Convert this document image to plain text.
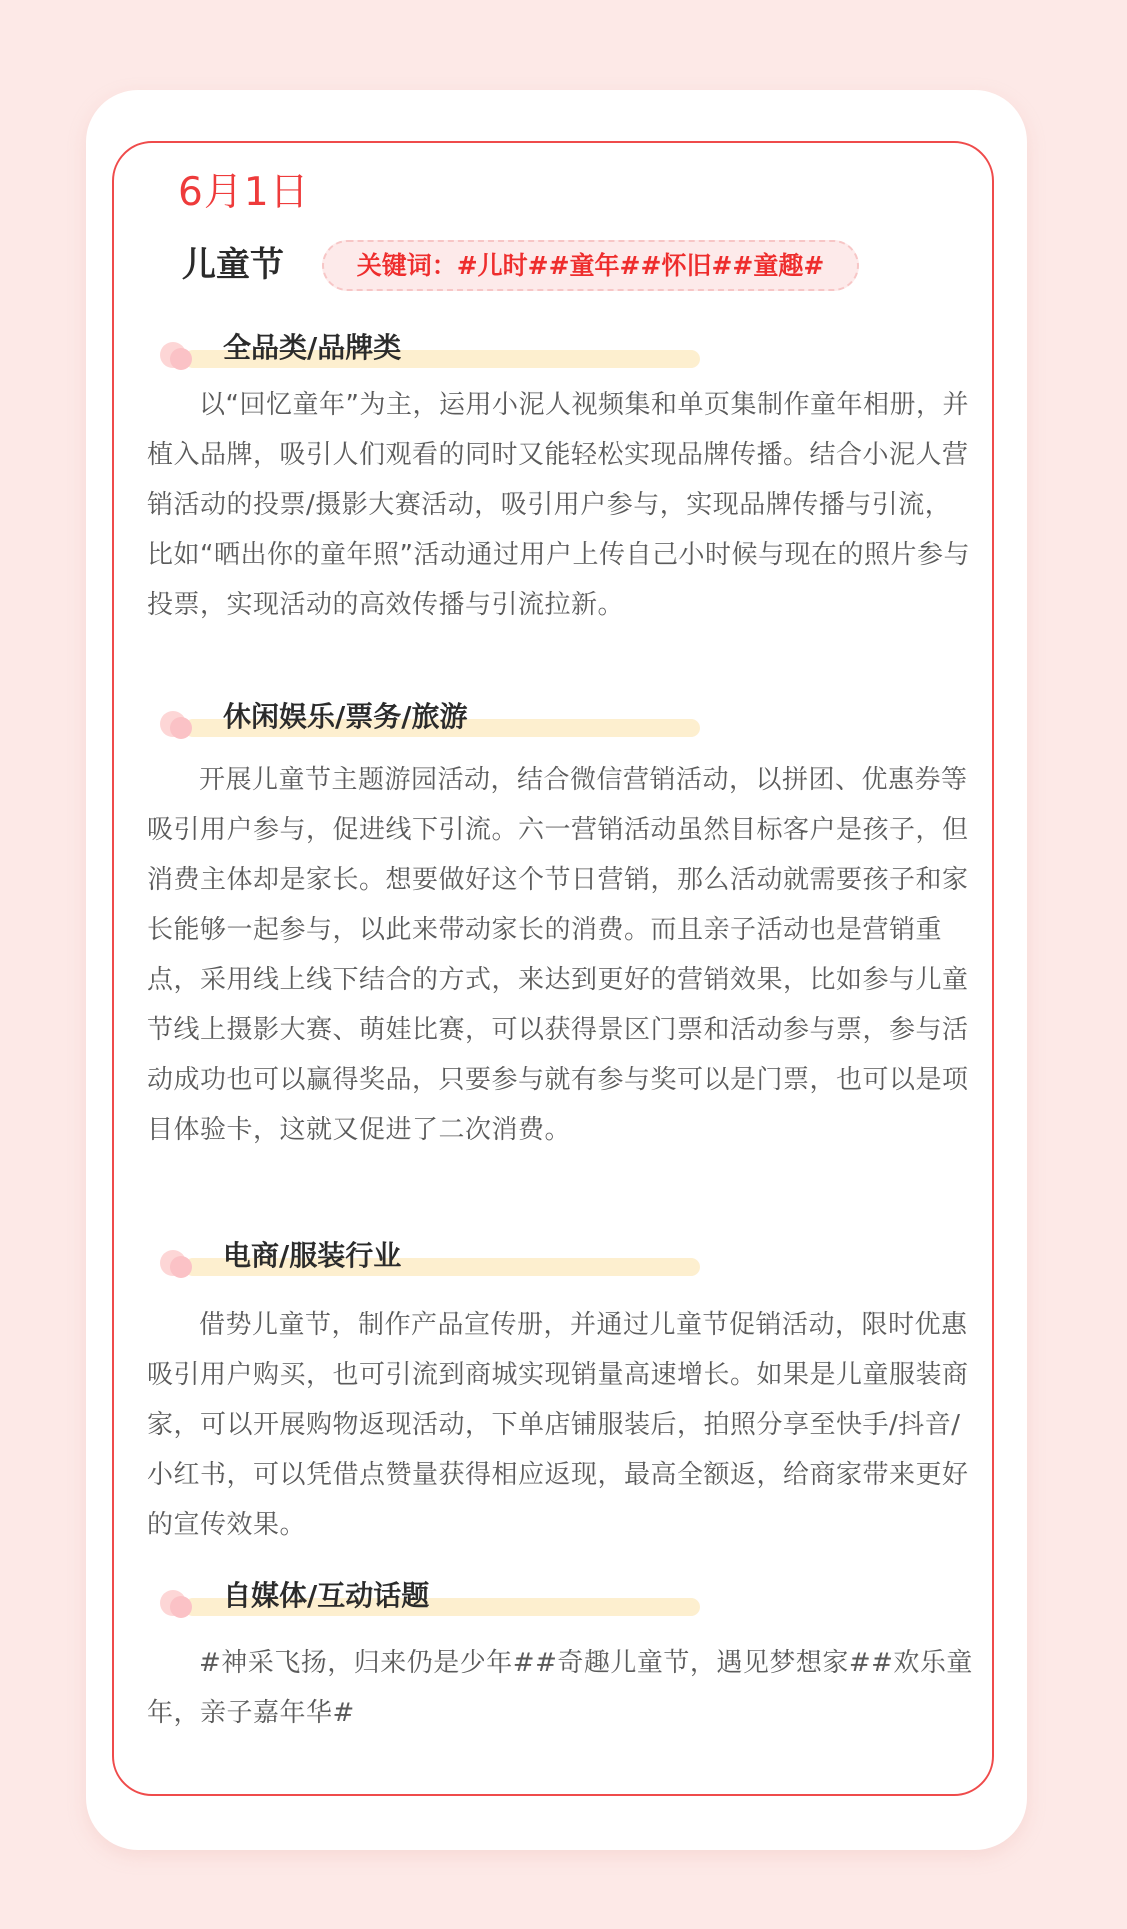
6月1日
儿童节	关键词：#儿时##童年##怀旧##童趣#
全品类/品牌类

以“回忆童年”为主，运用小泥人视频集和单页集制作童年相册，并植入品牌，吸引人们观看的同时又能轻松实现品牌传播。结合小泥人营销活动的投票/摄影大赛活动，吸引用户参与，实现品牌传播与引流，比如“晒出你的童年照”活动通过用户上传自己小时候与现在的照片参与投票，实现活动的高效传播与引流拉新。

休闲娱乐/票务/旅游

开展儿童节主题游园活动，结合微信营销活动，以拼团、优惠券等吸引用户参与，促进线下引流。六一营销活动虽然目标客户是孩子，但消费主体却是家长。想要做好这个节日营销，那么活动就需要孩子和家长能够一起参与，以此来带动家长的消费。而且亲子活动也是营销重点，采用线上线下结合的方式，来达到更好的营销效果，比如参与儿童节线上摄影大赛、萌娃比赛，可以获得景区门票和活动参与票，参与活动成功也可以赢得奖品，只要参与就有参与奖可以是门票，也可以是项目体验卡，这就又促进了二次消费。

电商/服装行业

借势儿童节，制作产品宣传册，并通过儿童节促销活动，限时优惠吸引用户购买，也可引流到商城实现销量高速增长。如果是儿童服装商家，可以开展购物返现活动，下单店铺服装后，拍照分享至快手/抖音/小红书，可以凭借点赞量获得相应返现，最高全额返，给商家带来更好的宣传效果。

自媒体/互动话题

#神采飞扬，归来仍是少年##奇趣儿童节，遇见梦想家##欢乐童年，亲子嘉年华#
